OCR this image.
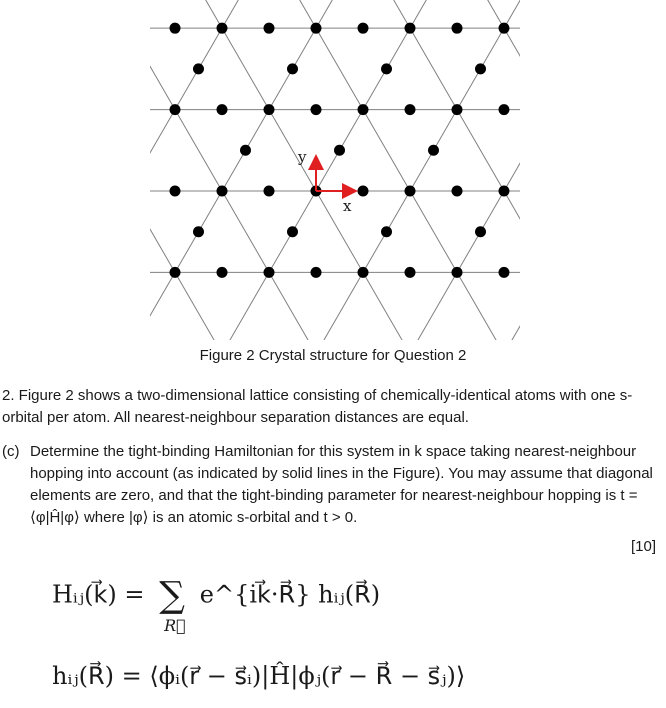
x
y
Figure 2 Crystal structure for Question 2
2. Figure 2 shows a two-dimensional lattice consisting of chemically-identical atoms with one s-orbital per atom. All nearest-neighbour separation distances are equal.
(c) Determine the tight-binding Hamiltonian for this system in k space taking nearest-neighbour hopping into account (as indicated by solid lines in the Figure). You may assume that diagonal elements are zero, and that the tight-binding parameter for nearest-neighbour hopping is t = ⟨φ|Ĥ|φ⟩ where |φ⟩ is an atomic s-orbital and t > 0.
[10]
Hᵢⱼ(k⃗) = ∑
R⃗
e^{ik⃗·R⃗} hᵢⱼ(R⃗)
hᵢⱼ(R⃗) = ⟨ϕᵢ(r⃗ − s⃗ᵢ)|Ĥ|ϕⱼ(r⃗ − R⃗ − s⃗ⱼ)⟩
